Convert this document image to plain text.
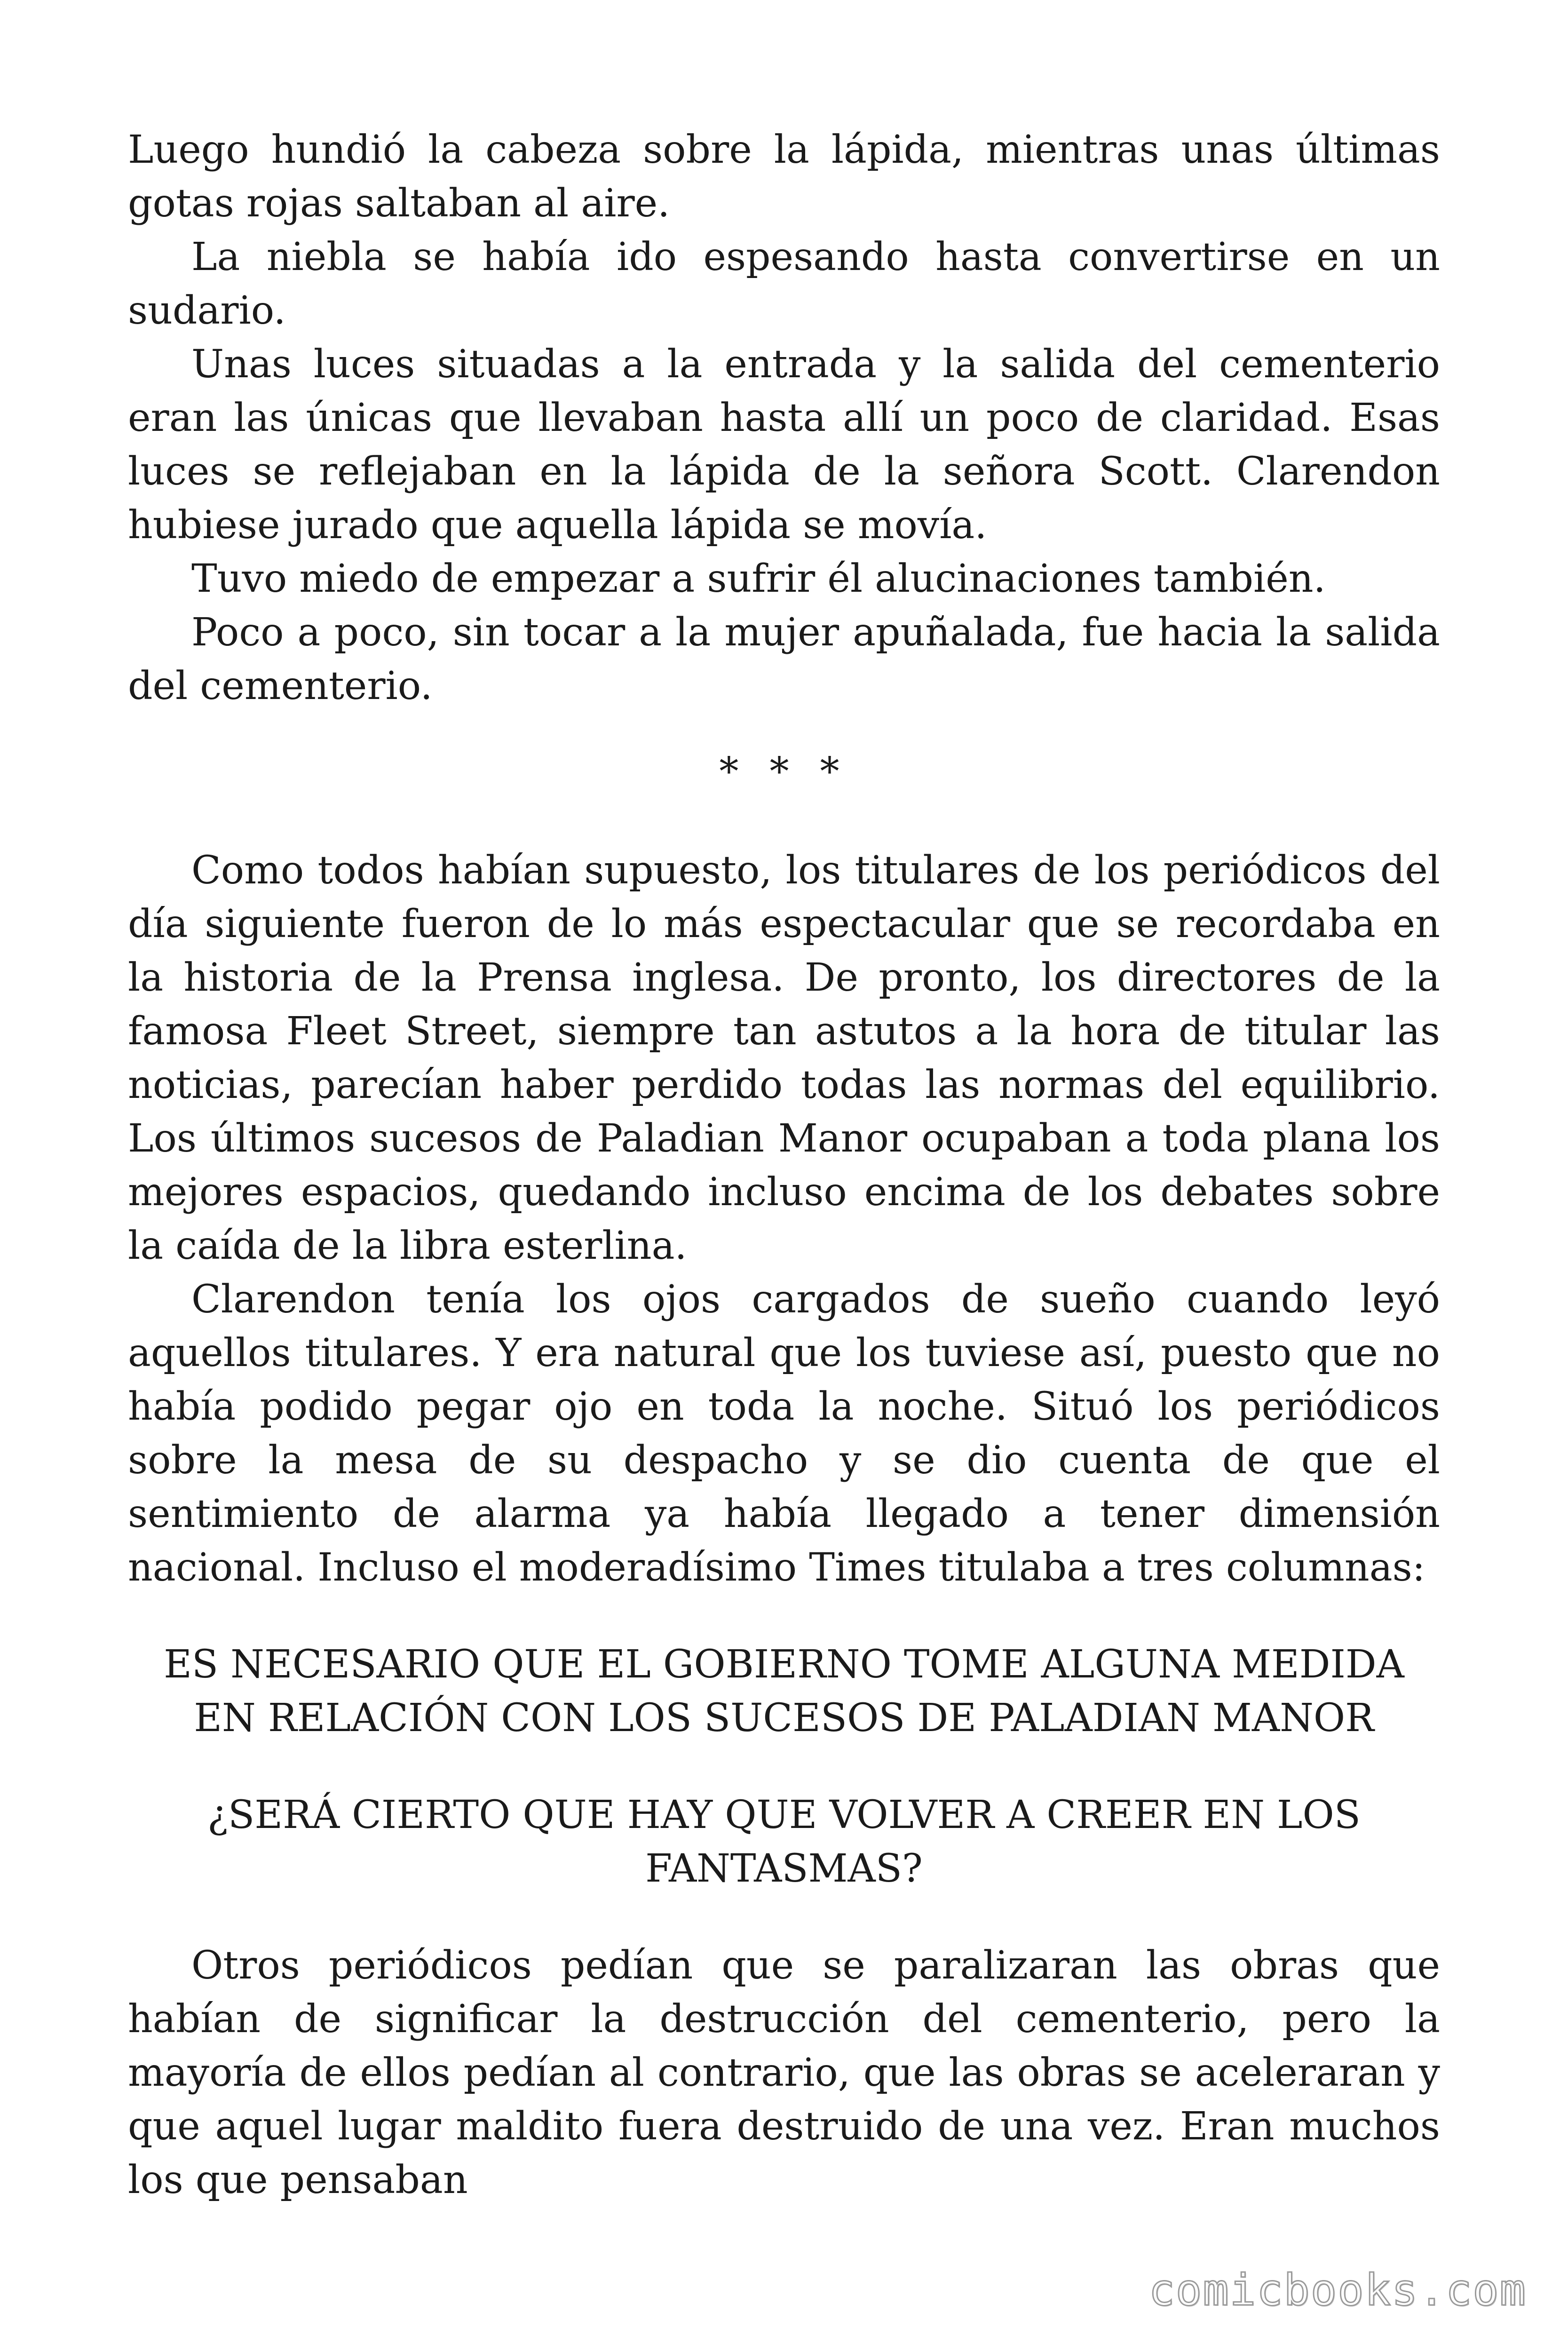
Luego hundió la cabeza sobre la lápida, mientras unas últimas gotas rojas saltaban al aire.

La niebla se había ido espesando hasta convertirse en un sudario.

Unas luces situadas a la entrada y la salida del cementerio eran las únicas que llevaban hasta allí un poco de claridad. Esas luces se reflejaban en la lápida de la señora Scott. Clarendon hubiese jurado que aquella lápida se movía.

Tuvo miedo de empezar a sufrir él alucinaciones también.

Poco a poco, sin tocar a la mujer apuñalada, fue hacia la salida del cementerio.

* * *

Como todos habían supuesto, los titulares de los periódicos del día siguiente fueron de lo más espectacular que se recordaba en la historia de la Prensa inglesa. De pronto, los directores de la famosa Fleet Street, siempre tan astutos a la hora de titular las noticias, parecían haber perdido todas las normas del equilibrio. Los últimos sucesos de Paladian Manor ocupaban a toda plana los mejores espacios, quedando incluso encima de los debates sobre la caída de la libra esterlina.

Clarendon tenía los ojos cargados de sueño cuando leyó aquellos titulares. Y era natural que los tuviese así, puesto que no había podido pegar ojo en toda la noche. Situó los periódicos sobre la mesa de su despacho y se dio cuenta de que el sentimiento de alarma ya había llegado a tener dimensión nacional. Incluso el moderadísimo Times titulaba a tres columnas:

ES NECESARIO QUE EL GOBIERNO TOME ALGUNA MEDIDA EN RELACIÓN CON LOS SUCESOS DE PALADIAN MANOR

¿SERÁ CIERTO QUE HAY QUE VOLVER A CREER EN LOS FANTASMAS?

Otros periódicos pedían que se paralizaran las obras que habían de significar la destrucción del cementerio, pero la mayoría de ellos pedían al contrario, que las obras se aceleraran y que aquel lugar maldito fuera destruido de una vez. Eran muchos los que pensaban

comicbooks.com
